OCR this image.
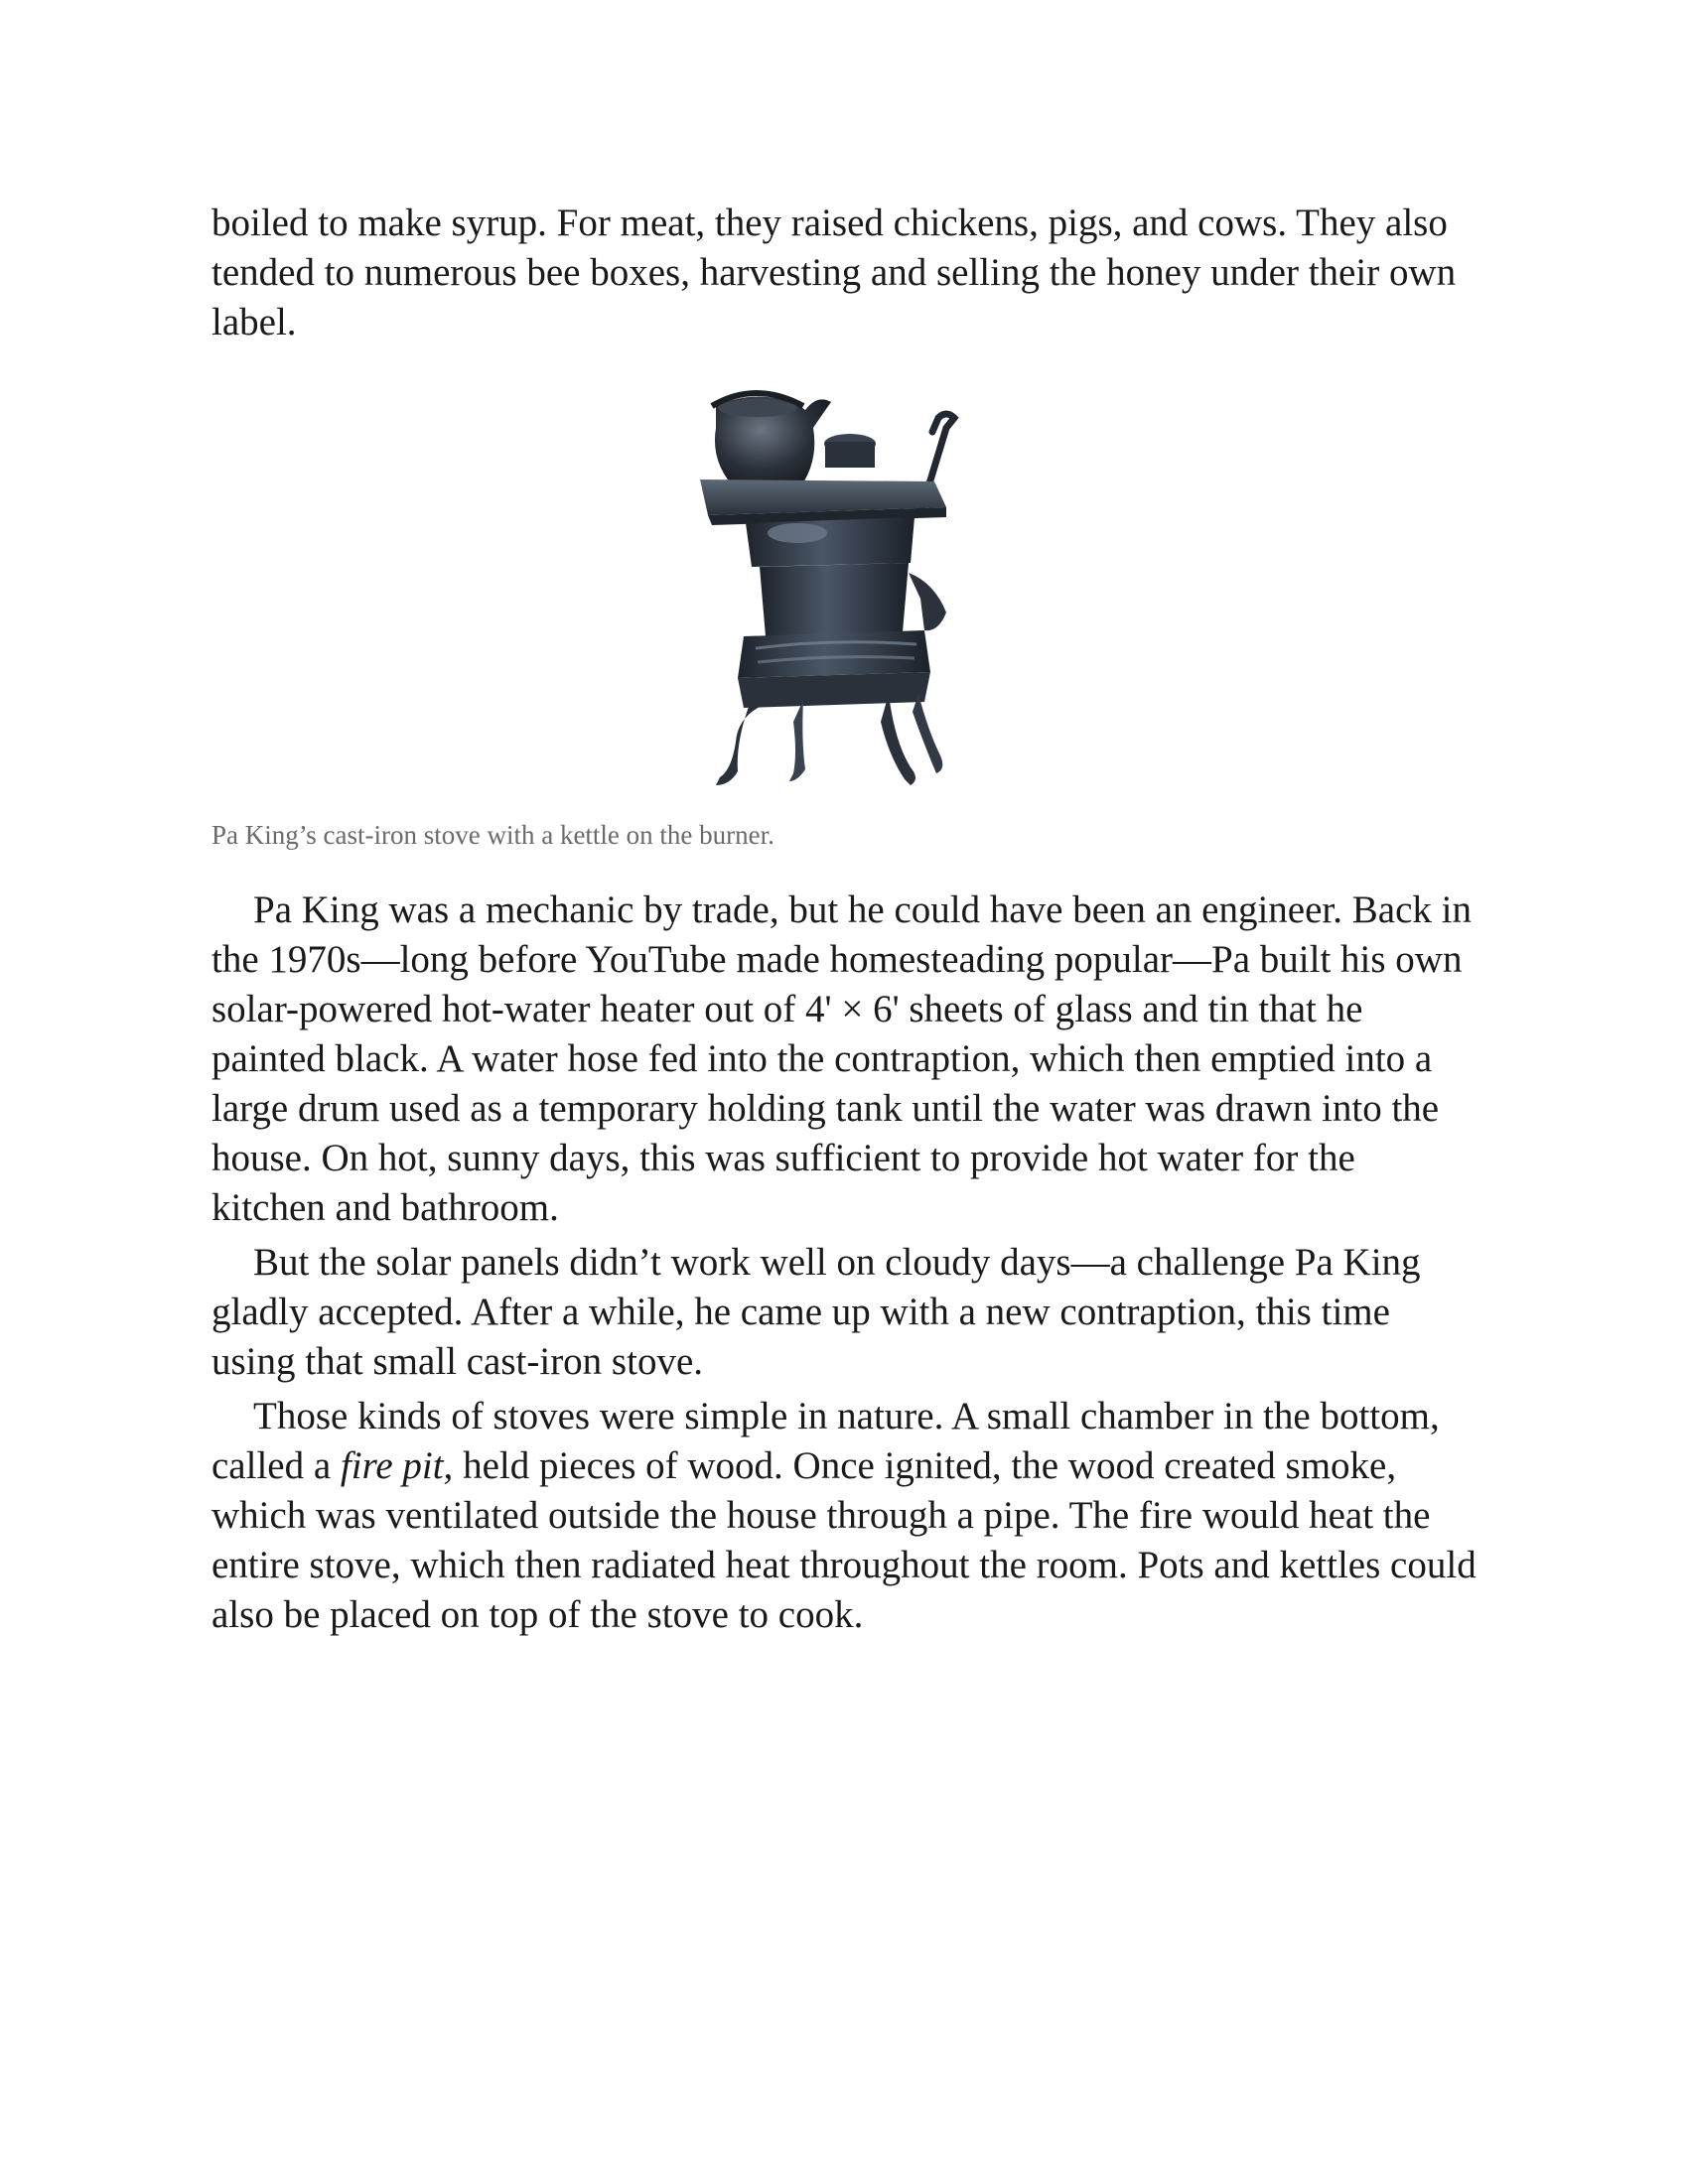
boiled to make syrup. For meat, they raised chickens, pigs, and cows. They also tended to numerous bee boxes, harvesting and selling the honey under their own label.

Pa King’s cast-iron stove with a kettle on the burner.

Pa King was a mechanic by trade, but he could have been an engineer. Back in the 1970s—long before YouTube made homesteading popular—Pa built his own solar-powered hot-water heater out of 4' × 6' sheets of glass and tin that he painted black. A water hose fed into the contraption, which then emptied into a large drum used as a temporary holding tank until the water was drawn into the house. On hot, sunny days, this was sufficient to provide hot water for the kitchen and bathroom.

But the solar panels didn’t work well on cloudy days—a challenge Pa King gladly accepted. After a while, he came up with a new contraption, this time using that small cast-iron stove.

Those kinds of stoves were simple in nature. A small chamber in the bottom, called a fire pit, held pieces of wood. Once ignited, the wood created smoke, which was ventilated outside the house through a pipe. The fire would heat the entire stove, which then radiated heat throughout the room. Pots and kettles could also be placed on top of the stove to cook.
